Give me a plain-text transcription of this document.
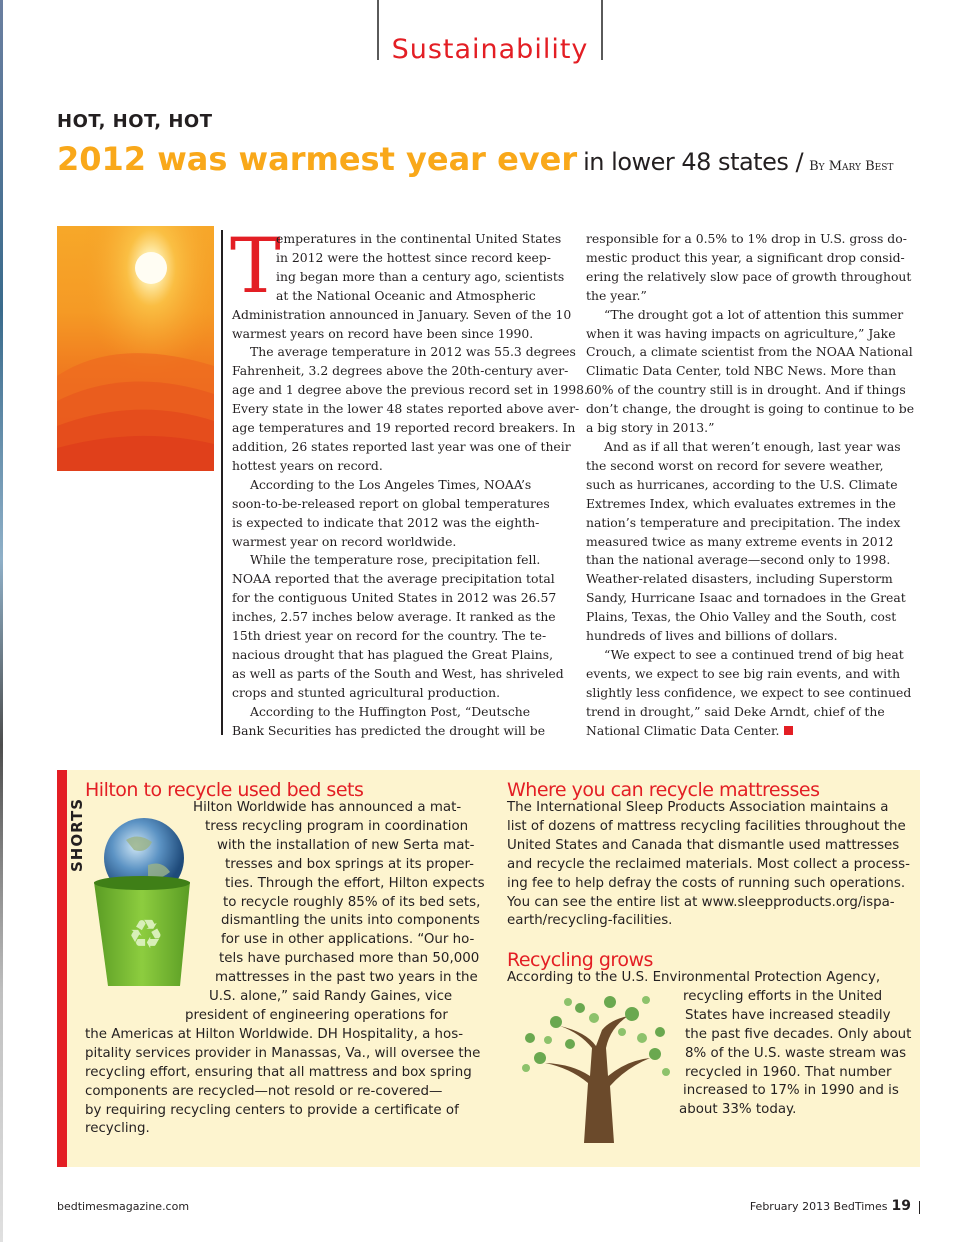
Sustainability
HOT, HOT, HOT
2012 was warmest year ever in lower 48 states / By Mary Best
T
emperatures in the continental United States
in 2012 were the hottest since record keep-
ing began more than a century ago, scientists
at the National Oceanic and Atmospheric
Administration announced in January. Seven of the 10
warmest years on record have been since 1990.
The average temperature in 2012 was 55.3 degrees
Fahrenheit, 3.2 degrees above the 20th-century aver-
age and 1 degree above the previous record set in 1998.
Every state in the lower 48 states reported above aver-
age temperatures and 19 reported record breakers. In
addition, 26 states reported last year was one of their
hottest years on record.
According to the Los Angeles Times, NOAA’s
soon-to-be-released report on global temperatures
is expected to indicate that 2012 was the eighth-
warmest year on record worldwide.
While the temperature rose, precipitation fell.
NOAA reported that the average precipitation total
for the contiguous United States in 2012 was 26.57
inches, 2.57 inches below average. It ranked as the
15th driest year on record for the country. The te-
nacious drought that has plagued the Great Plains,
as well as parts of the South and West, has shriveled
crops and stunted agricultural production.
According to the Huffington Post, “Deutsche
Bank Securities has predicted the drought will be
responsible for a 0.5% to 1% drop in U.S. gross do-
mestic product this year, a significant drop consid-
ering the relatively slow pace of growth throughout
the year.”
“The drought got a lot of attention this summer
when it was having impacts on agriculture,” Jake
Crouch, a climate scientist from the NOAA National
Climatic Data Center, told NBC News. More than
60% of the country still is in drought. And if things
don’t change, the drought is going to continue to be
a big story in 2013.”
And as if all that weren’t enough, last year was
the second worst on record for severe weather,
such as hurricanes, according to the U.S. Climate
Extremes Index, which evaluates extremes in the
nation’s temperature and precipitation. The index
measured twice as many extreme events in 2012
than the national average—second only to 1998.
Weather-related disasters, including Superstorm
Sandy, Hurricane Isaac and tornadoes in the Great
Plains, Texas, the Ohio Valley and the South, cost
hundreds of lives and billions of dollars.
“We expect to see a continued trend of big heat
events, we expect to see big rain events, and with
slightly less confidence, we expect to see continued
trend in drought,” said Deke Arndt, chief of the
National Climatic Data Center.
SHORTS
Hilton to recycle used bed sets
♻
Hilton Worldwide has announced a mat-
tress recycling program in coordination
with the installation of new Serta mat-
tresses and box springs at its proper-
ties. Through the effort, Hilton expects
to recycle roughly 85% of its bed sets,
dismantling the units into components
for use in other applications. “Our ho-
tels have purchased more than 50,000
mattresses in the past two years in the
U.S. alone,” said Randy Gaines, vice
president of engineering operations for
the Americas at Hilton Worldwide. DH Hospitality, a hos-
pitality services provider in Manassas, Va., will oversee the
recycling effort, ensuring that all mattress and box spring
components are recycled—not resold or re-covered—
by requiring recycling centers to provide a certificate of
recycling.
Where you can recycle mattresses
The International Sleep Products Association maintains a
list of dozens of mattress recycling facilities throughout the
United States and Canada that dismantle used mattresses
and recycle the reclaimed materials. Most collect a process-
ing fee to help defray the costs of running such operations.
You can see the entire list at www.sleepproducts.org/ispa-
earth/recycling-facilities.
Recycling grows
According to the U.S. Environmental Protection Agency,
recycling efforts in the United
States have increased steadily
the past five decades. Only about
8% of the U.S. waste stream was
recycled in 1960. That number
increased to 17% in 1990 and is
about 33% today.
bedtimesmagazine.com	February 2013 BedTimes 19
